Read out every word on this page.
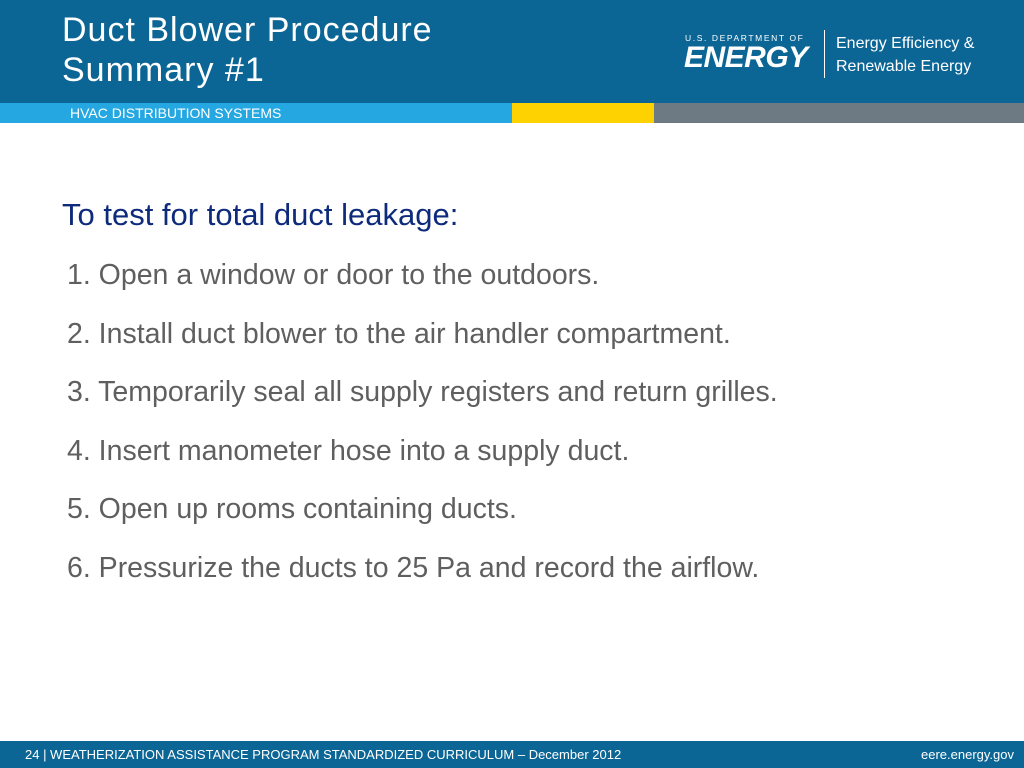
Duct Blower Procedure
Summary #1
U.S. DEPARTMENT OF
ENERGY Energy Efficiency &
Renewable Energy
HVAC DISTRIBUTION SYSTEMS
To test for total duct leakage:
1. Open a window or door to the outdoors.
2. Install duct blower to the air handler compartment.
3. Temporarily seal all supply registers and return grilles.
4. Insert manometer hose into a supply duct.
5. Open up rooms containing ducts.
6. Pressurize the ducts to 25 Pa and record the airflow.
24 | WEATHERIZATION ASSISTANCE PROGRAM STANDARDIZED CURRICULUM – December 2012	eere.energy.gov
